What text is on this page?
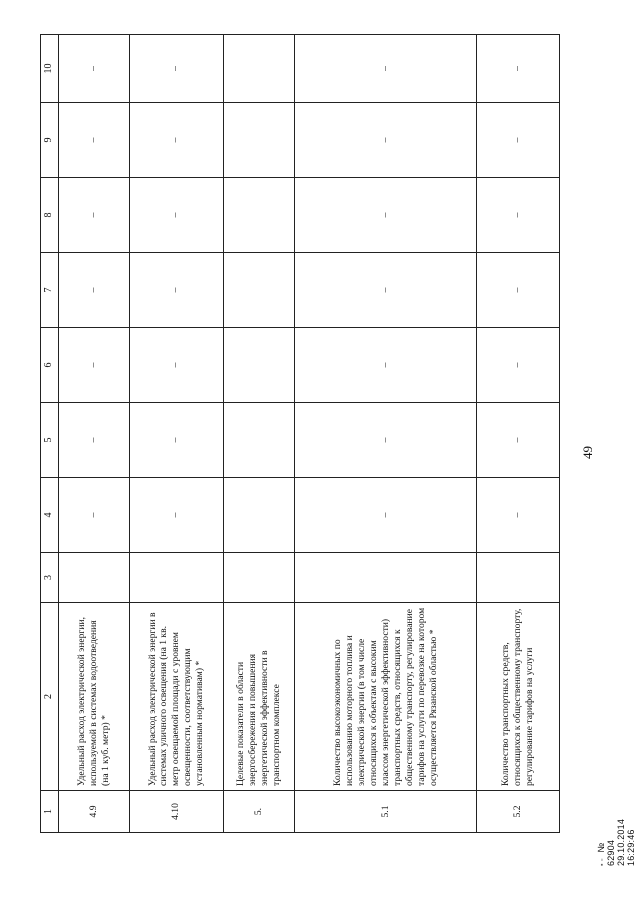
1	2	3	4	5	6	7	8	9	10
4.9	Удельный расход электрической энергии, используемой в системах водоотведения (на 1 куб. метр) *		–	–	–	–	–	–	–
4.10	Удельный расход электрической энергии в системах уличного освещения (на 1 кв. метр освещаемой площади с уровнем освещенности, соответствующим установленным нормативам) *		–	–	–	–	–	–	–
5.	Целевые показатели в области энергосбережения и повышения энергетической эффективности в транспортном комплексе								
5.1	Количество высокоэкономичных по использованию моторного топлива и электрической энергии (в том числе относящихся к объектам с высоким классом энергетической эффективности) транспортных средств, относящихся к общественному транспорту, регулирование тарифов на услуги по перевозке на котором осуществляется Рязанской областью *		–	–	–	–	–	–	–
5.2	Количество транспортных средств, относящихся к общественному транспорту, регулирование тарифов на услуги		–	–	–	–	–	–	–
49
▪ ▫№ 62904 29.10.2014 16:29:46
